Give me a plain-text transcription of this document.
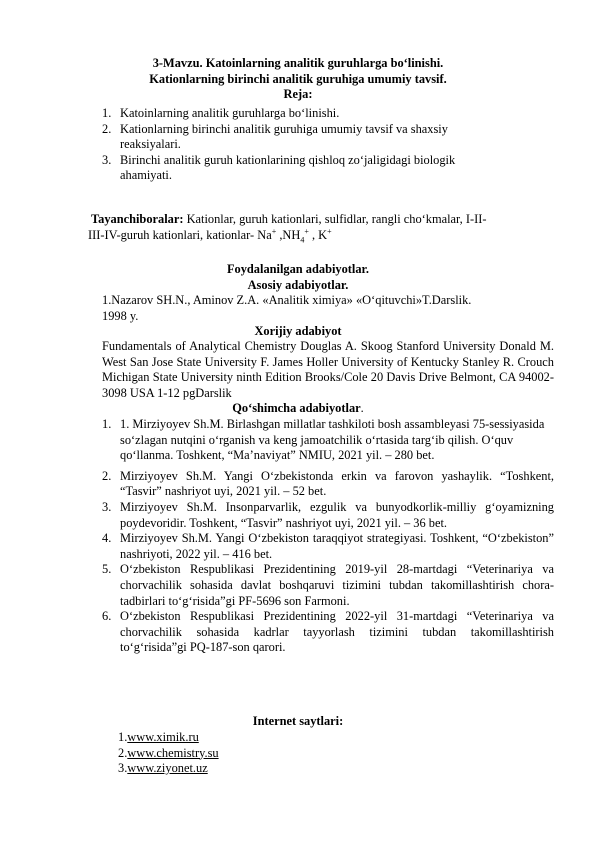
3-Mavzu. Katoinlarning analitik guruhlarga bo‘linishi.
Kationlarning birinchi analitik guruhiga umumiy tavsif.
Reja:
1. Katoinlarning analitik guruhlarga bo‘linishi.
2. Kationlarning birinchi analitik guruhiga umumiy tavsif va shaxsiy
reaksiyalari.
3. Birinchi analitik guruh kationlarining qishloq zo‘jaligidagi biologik
ahamiyati.
Tayanchiboralar: Kationlar, guruh kationlari, sulfidlar, rangli cho‘kmalar, I-II-
III-IV-guruh kationlari, kationlar- Na+ $,NH_4^+$ , K+
Foydalanilgan adabiyotlar.
Asosiy adabiyotlar.
1.Nazarov SH.N., Aminov Z.A. «Analitik ximiya» «O‘qituvchi»T.Darslik.
1998 y.
Xorijiy adabiyot
Fundamentals of Analytical Chemistry Douglas A. Skoog Stanford University Donald M. West San Jose State University F. James Holler University of Kentucky Stanley R. Crouch Michigan State University ninth Edition Brooks/Cole 20 Davis Drive Belmont, CA 94002-3098 USA 1-12 pgDarslik
Qo‘shimcha adabiyotlar.
1. 1. Mirziyoyev Sh.M. Birlashgan millatlar tashkiloti bosh assambleyasi 75-sessiyasida so‘zlagan nutqini o‘rganish va keng jamoatchilik o‘rtasida targ‘ib qilish. O‘quv qo‘llanma. Toshkent, “Ma’naviyat” NMIU, 2021 yil. – 280 bet.
2. Mirziyoyev Sh.M. Yangi O‘zbekistonda erkin va farovon yashaylik. “Toshkent, “Tasvir” nashriyot uyi, 2021 yil. – 52 bet.
3. Mirziyoyev Sh.M. Insonparvarlik, ezgulik va bunyodkorlik-milliy g‘oyamizning poydevoridir. Toshkent, “Tasvir” nashriyot uyi, 2021 yil. – 36 bet.
4. Mirziyoyev Sh.M. Yangi O‘zbekiston taraqqiyot strategiyasi. Toshkent, “O‘zbekiston” nashriyoti, 2022 yil. – 416 bet.
5. O‘zbekiston Respublikasi Prezidentining 2019-yil 28-martdagi “Veterinariya va chorvachilik sohasida davlat boshqaruvi tizimini tubdan takomillashtirish chora-tadbirlari to‘g‘risida”gi PF-5696 son Farmoni.
6. O‘zbekiston Respublikasi Prezidentining 2022-yil 31-martdagi “Veterinariya va chorvachilik sohasida kadrlar tayyorlash tizimini tubdan takomillashtirish to‘g‘risida”gi PQ-187-son qarori.
Internet saytlari:
1.www.ximik.ru
2.www.chemistry.su
3.www.ziyonet.uz
